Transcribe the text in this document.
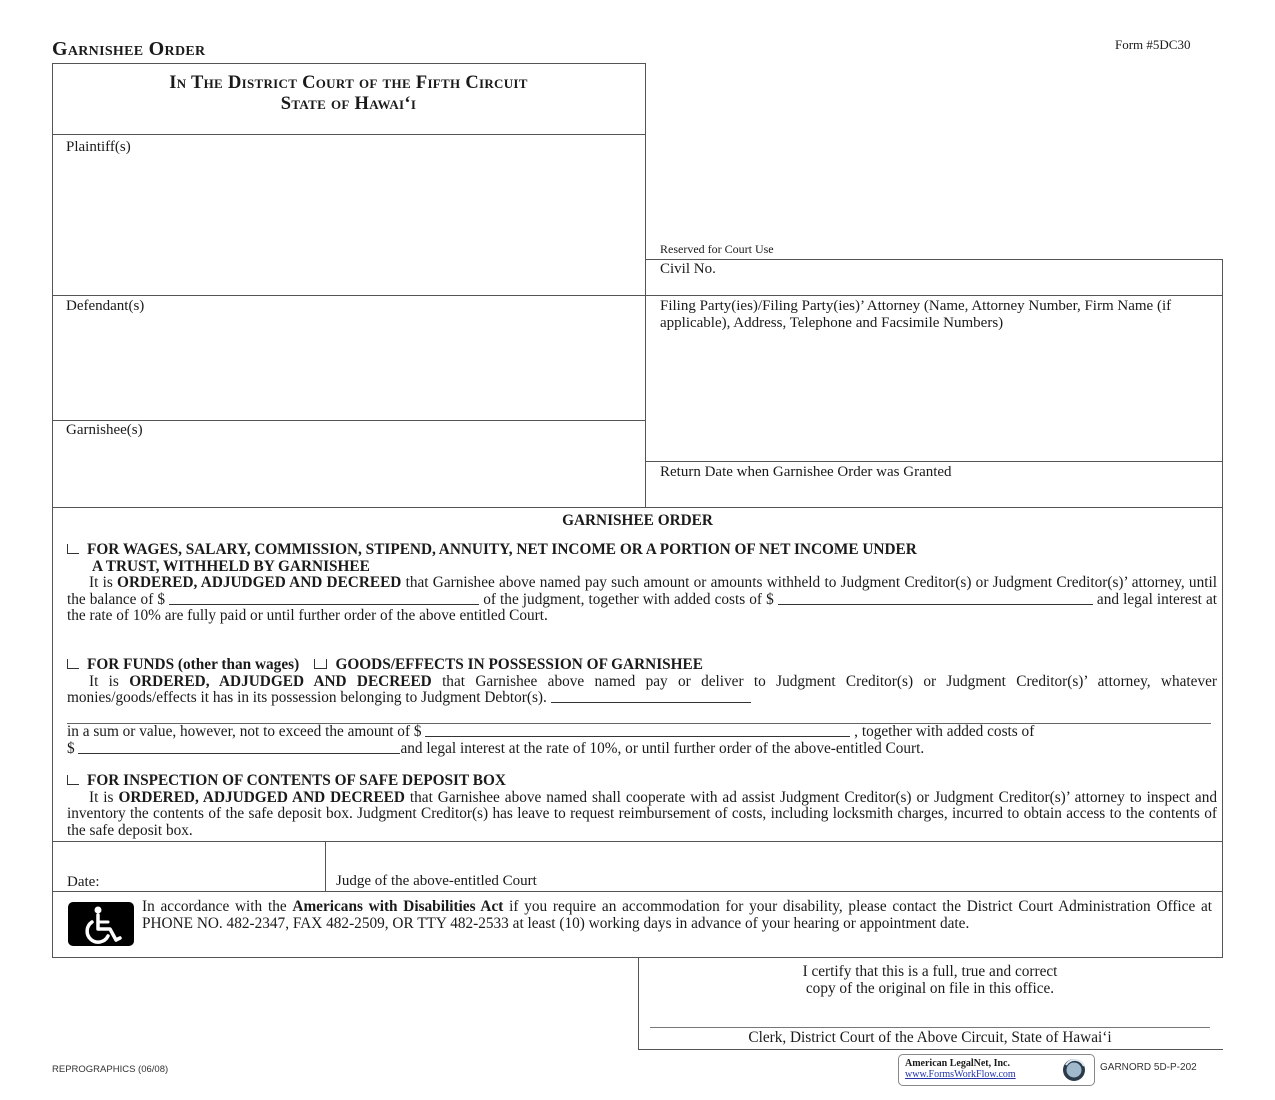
Garnishee Order	Form #5DC30
In The District Court of the Fifth Circuit
State of Hawai‘i
Plaintiff(s)
Defendant(s)
Garnishee(s)
Reserved for Court Use
Civil No.
Filing Party(ies)/Filing Party(ies)’ Attorney (Name, Attorney Number, Firm Name (if applicable), Address, Telephone and Facsimile Numbers)
Return Date when Garnishee Order was Granted
GARNISHEE ORDER
FOR WAGES, SALARY, COMMISSION, STIPEND, ANNUITY, NET INCOME OR A PORTION OF NET INCOME UNDER
A TRUST, WITHHELD BY GARNISHEE
It is ORDERED, ADJUDGED AND DECREED that Garnishee above named pay such amount or amounts withheld to Judgment Creditor(s) or Judgment Creditor(s)’ attorney, until the balance of $	of the judgment, together with added costs of $	and legal interest at the rate of 10% are fully paid or until further order of the above entitled Court.
FOR FUNDS (other than wages) GOODS/EFFECTS IN POSSESSION OF GARNISHEE
It is ORDERED, ADJUDGED AND DECREED that Garnishee above named pay or deliver to Judgment Creditor(s) or Judgment Creditor(s)’ attorney, whatever monies/goods/effects it has in its possession belonging to Judgment Debtor(s).
in a sum or value, however, not to exceed the amount of $	, together with added costs of
$	and legal interest at the rate of 10%, or until further order of the above-entitled Court.
FOR INSPECTION OF CONTENTS OF SAFE DEPOSIT BOX
It is ORDERED, ADJUDGED AND DECREED that Garnishee above named shall cooperate with ad assist Judgment Creditor(s) or Judgment Creditor(s)’ attorney to inspect and inventory the contents of the safe deposit box. Judgment Creditor(s) has leave to request reimbursement of costs, including locksmith charges, incurred to obtain access to the contents of the safe deposit box.
Date:	Judge of the above-entitled Court
In accordance with the Americans with Disabilities Act if you require an accommodation for your disability, please contact the District Court Administration Office at PHONE NO. 482-2347, FAX 482-2509, OR TTY 482-2533 at least (10) working days in advance of your hearing or appointment date.
I certify that this is a full, true and correct
copy of the original on file in this office.
Clerk, District Court of the Above Circuit, State of Hawai‘i
REPROGRAPHICS (06/08)
American LegalNet, Inc.
www.FormsWorkFlow.com
GARNORD 5D-P-202
